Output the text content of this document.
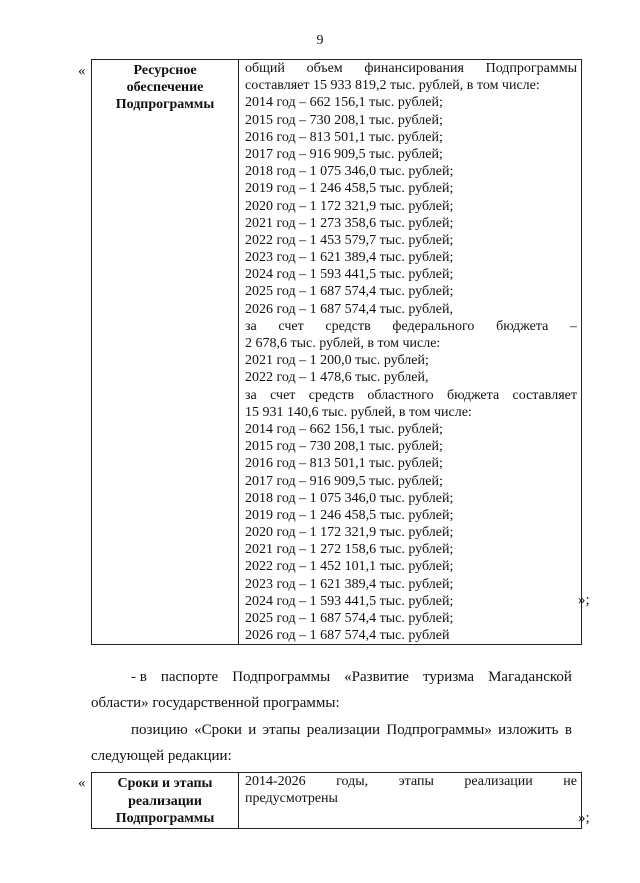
9
«	Ресурсное
обеспечение
Подпрограммы

общий объем финансирования Подпрограммы
составляет 15 933 819,2 тыс. рублей, в том числе:
2014 год – 662 156,1 тыс. рублей;
2015 год – 730 208,1 тыс. рублей;
2016 год – 813 501,1 тыс. рублей;
2017 год – 916 909,5 тыс. рублей;
2018 год – 1 075 346,0 тыс. рублей;
2019 год – 1 246 458,5 тыс. рублей;
2020 год – 1 172 321,9 тыс. рублей;
2021 год – 1 273 358,6 тыс. рублей;
2022 год – 1 453 579,7 тыс. рублей;
2023 год – 1 621 389,4 тыс. рублей;
2024 год – 1 593 441,5 тыс. рублей;
2025 год – 1 687 574,4 тыс. рублей;
2026 год – 1 687 574,4 тыс. рублей,
за счет средств федерального бюджета –
2 678,6 тыс. рублей, в том числе:
2021 год – 1 200,0 тыс. рублей;
2022 год – 1 478,6 тыс. рублей,
за счет средств областного бюджета составляет
15 931 140,6 тыс. рублей, в том числе:
2014 год – 662 156,1 тыс. рублей;
2015 год – 730 208,1 тыс. рублей;
2016 год – 813 501,1 тыс. рублей;
2017 год – 916 909,5 тыс. рублей;
2018 год – 1 075 346,0 тыс. рублей;
2019 год – 1 246 458,5 тыс. рублей;
2020 год – 1 172 321,9 тыс. рублей;
2021 год – 1 272 158,6 тыс. рублей;
2022 год – 1 452 101,1 тыс. рублей;
2023 год – 1 621 389,4 тыс. рублей;
2024 год – 1 593 441,5 тыс. рублей;
2025 год – 1 687 574,4 тыс. рублей;
2026 год – 1 687 574,4 тыс. рублей
»;
- в паспорте Подпрограммы «Развитие туризма Магаданской
области» государственной программы:
позицию «Сроки и этапы реализации Подпрограммы» изложить в
следующей редакции:
«	Сроки и этапы
реализации
Подпрограммы

2014-2026 годы, этапы реализации не
предусмотрены
»;
